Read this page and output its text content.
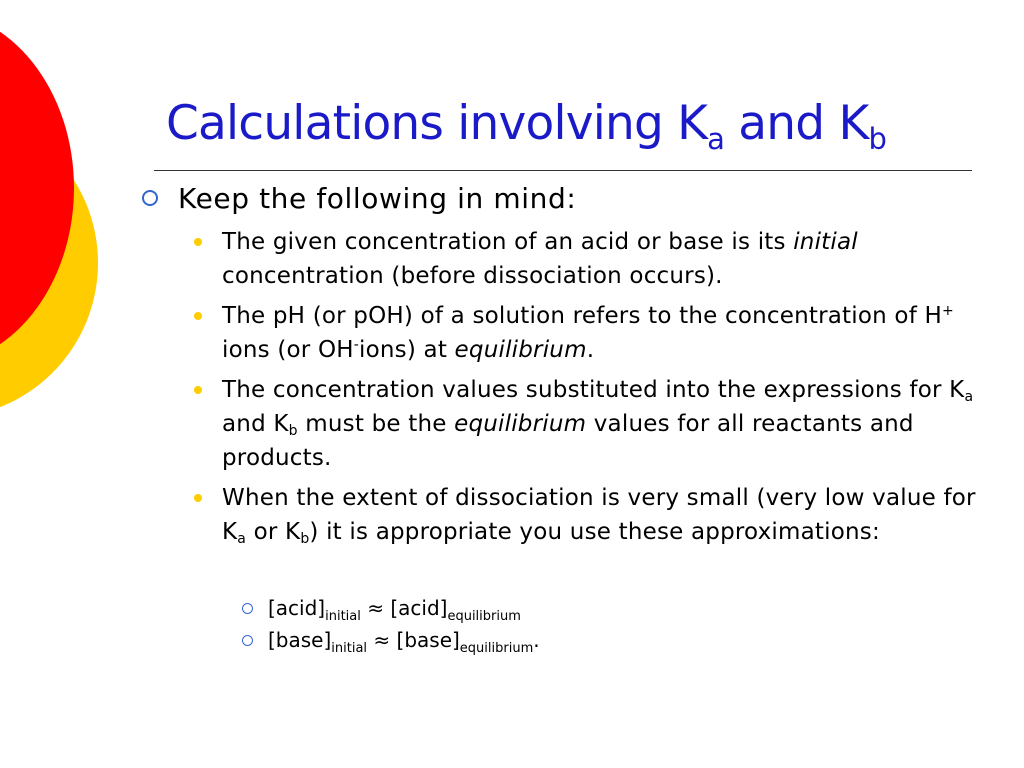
Calculations involving $K_a$ and $K_b$
Keep the following in mind:
The given concentration of an acid or base is its initial concentration (before dissociation occurs).
The pH (or pOH) of a solution refers to the concentration of H+ ions (or OH-ions) at equilibrium.
The concentration values substituted into the expressions for $K_a$ and $K_b$ must be the equilibrium values for all reactants and products.
When the extent of dissociation is very small (very low value for $K_a$ or $K_b$) it is appropriate you use these approximations:
$[acid]_{initial}$ ≈ $[acid]_{equilibrium}$
$[base]_{initial}$ ≈ $[base]_{equilibrium}$.
